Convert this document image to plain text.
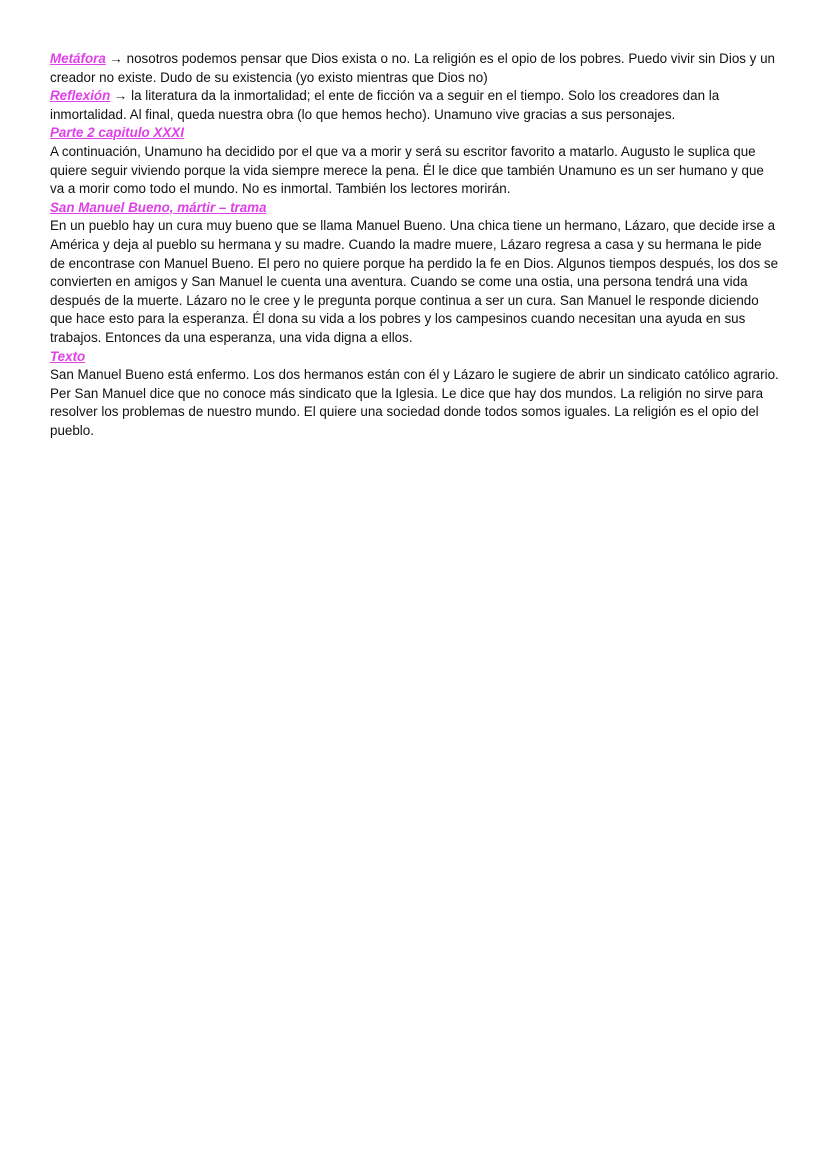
Metáfora → nosotros podemos pensar que Dios exista o no. La religión es el opio de los pobres. Puedo vivir sin Dios y un creador no existe. Dudo de su existencia (yo existo mientras que Dios no)

Reflexión → la literatura da la inmortalidad; el ente de ficción va a seguir en el tiempo. Solo los creadores dan la inmortalidad. Al final, queda nuestra obra (lo que hemos hecho). Unamuno vive gracias a sus personajes.

Parte 2 capitulo XXXI

A continuación, Unamuno ha decidido por el que va a morir y será su escritor favorito a matarlo. Augusto le suplica que quiere seguir viviendo porque la vida siempre merece la pena. Él le dice que también Unamuno es un ser humano y que va a morir como todo el mundo. No es inmortal. También los lectores morirán.

San Manuel Bueno, mártir – trama

En un pueblo hay un cura muy bueno que se llama Manuel Bueno. Una chica tiene un hermano, Lázaro, que decide irse a América y deja al pueblo su hermana y su madre. Cuando la madre muere, Lázaro regresa a casa y su hermana le pide de encontrase con Manuel Bueno. El pero no quiere porque ha perdido la fe en Dios. Algunos tiempos después, los dos se convierten en amigos y San Manuel le cuenta una aventura. Cuando se come una ostia, una persona tendrá una vida después de la muerte. Lázaro no le cree y le pregunta porque continua a ser un cura. San Manuel le responde diciendo que hace esto para la esperanza. Él dona su vida a los pobres y los campesinos cuando necesitan una ayuda en sus trabajos. Entonces da una esperanza, una vida digna a ellos.

Texto

San Manuel Bueno está enfermo. Los dos hermanos están con él y Lázaro le sugiere de abrir un sindicato católico agrario. Per San Manuel dice que no conoce más sindicato que la Iglesia. Le dice que hay dos mundos. La religión no sirve para resolver los problemas de nuestro mundo. El quiere una sociedad donde todos somos iguales. La religión es el opio del pueblo.
